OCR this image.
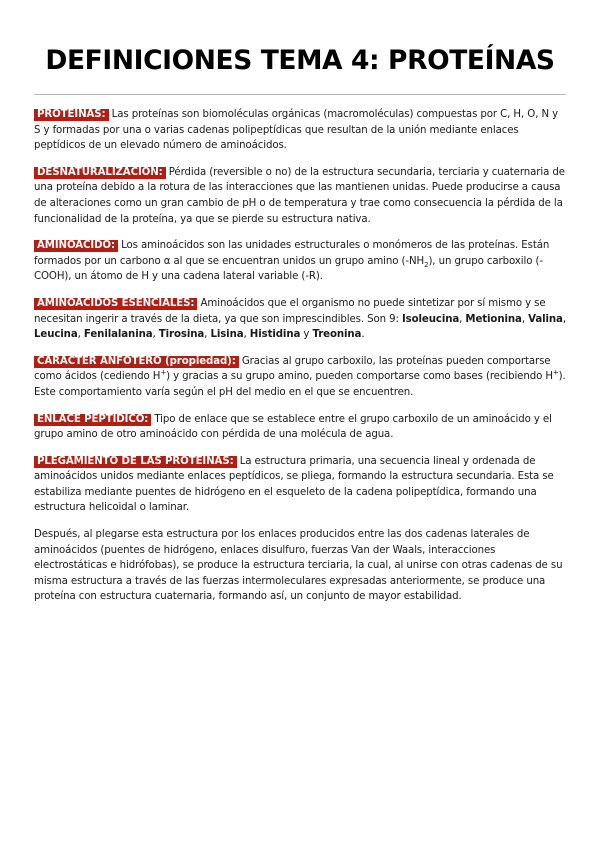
DEFINICIONES TEMA 4: PROTEÍNAS

PROTEÍNAS: Las proteínas son biomoléculas orgánicas (macromoléculas) compuestas por C, H, O, N y S y formadas por una o varias cadenas polipeptídicas que resultan de la unión mediante enlaces peptídicos de un elevado número de aminoácidos.

DESNATURALIZACIÓN: Pérdida (reversible o no) de la estructura secundaria, terciaria y cuaternaria de una proteína debido a la rotura de las interacciones que las mantienen unidas. Puede producirse a causa de alteraciones como un gran cambio de pH o de temperatura y trae como consecuencia la pérdida de la funcionalidad de la proteína, ya que se pierde su estructura nativa.

AMINOÁCIDO: Los aminoácidos son las unidades estructurales o monómeros de las proteínas. Están formados por un carbono α al que se encuentran unidos un grupo amino $(-NH_2)$, un grupo carboxilo (-COOH), un átomo de H y una cadena lateral variable (-R).

AMINOÁCIDOS ESENCIALES: Aminoácidos que el organismo no puede sintetizar por sí mismo y se necesitan ingerir a través de la dieta, ya que son imprescindibles. Son 9: Isoleucina, Metionina, Valina, Leucina, Fenilalanina, Tirosina, Lisina, Histidina y Treonina.

CARÁCTER ANFÓTERO (propiedad): Gracias al grupo carboxilo, las proteínas pueden comportarse como ácidos (cediendo H+) y gracias a su grupo amino, pueden comportarse como bases (recibiendo H+). Este comportamiento varía según el pH del medio en el que se encuentren.

ENLACE PEPTÍDICO: Tipo de enlace que se establece entre el grupo carboxilo de un aminoácido y el grupo amino de otro aminoácido con pérdida de una molécula de agua.

PLEGAMIENTO DE LAS PROTEÍNAS: La estructura primaria, una secuencia lineal y ordenada de aminoácidos unidos mediante enlaces peptídicos, se pliega, formando la estructura secundaria. Esta se estabiliza mediante puentes de hidrógeno en el esqueleto de la cadena polipeptídica, formando una estructura helicoidal o laminar.

Después, al plegarse esta estructura por los enlaces producidos entre las dos cadenas laterales de aminoácidos (puentes de hidrógeno, enlaces disulfuro, fuerzas Van der Waals, interacciones electrostáticas e hidrófobas), se produce la estructura terciaria, la cual, al unirse con otras cadenas de su misma estructura a través de las fuerzas intermoleculares expresadas anteriormente, se produce una proteína con estructura cuaternaria, formando así, un conjunto de mayor estabilidad.
